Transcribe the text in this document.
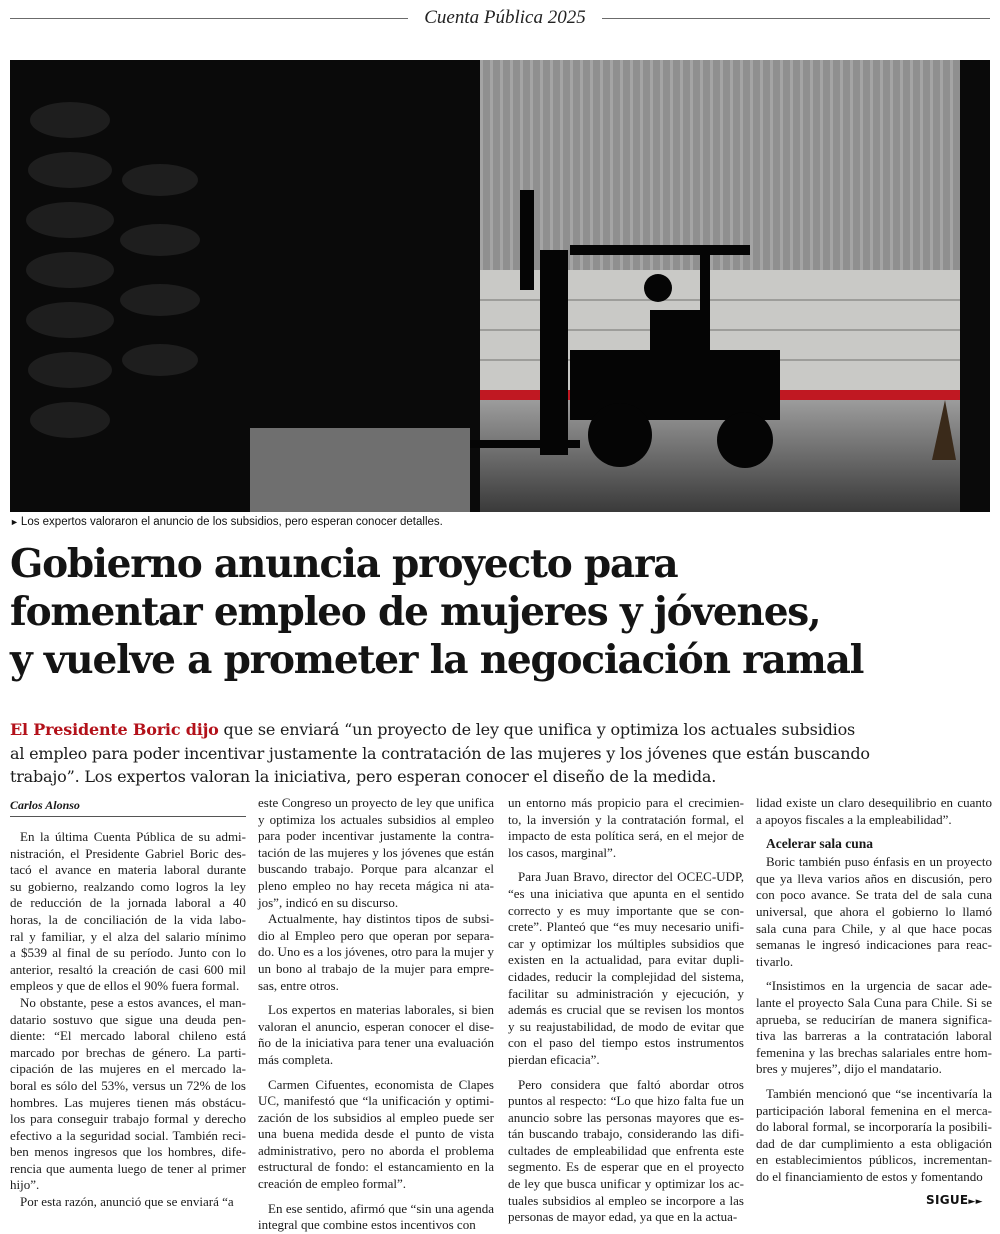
Cuenta Pública 2025
► Los expertos valoraron el anuncio de los subsidios, pero esperan conocer detalles.
Gobierno anuncia proyecto para
fomentar empleo de mujeres y jóvenes,
y vuelve a prometer la negociación ramal
El Presidente Boric dijo que se enviará “un proyecto de ley que unifica y optimiza los actuales subsidios
al empleo para poder incentivar justamente la contratación de las mujeres y los jóvenes que están buscando
trabajo”. Los expertos valoran la iniciativa, pero esperan conocer el diseño de la medida.
Carlos Alonso
En la última Cuenta Pública de su admi-
nistración, el Presidente Gabriel Boric des-
tacó el avance en materia laboral durante
su gobierno, realzando como logros la ley
de reducción de la jornada laboral a 40
horas, la de conciliación de la vida labo-
ral y familiar, y el alza del salario mínimo
a $539 al final de su período. Junto con lo
anterior, resaltó la creación de casi 600 mil
empleos y que de ellos el 90% fuera formal.
No obstante, pese a estos avances, el man-
datario sostuvo que sigue una deuda pen-
diente: “El mercado laboral chileno está
marcado por brechas de género. La parti-
cipación de las mujeres en el mercado la-
boral es sólo del 53%, versus un 72% de los
hombres. Las mujeres tienen más obstácu-
los para conseguir trabajo formal y derecho
efectivo a la seguridad social. También reci-
ben menos ingresos que los hombres, dife-
rencia que aumenta luego de tener al primer
hijo”.
Por esta razón, anunció que se enviará “a
este Congreso un proyecto de ley que unifica
y optimiza los actuales subsidios al empleo
para poder incentivar justamente la contra-
tación de las mujeres y los jóvenes que están
buscando trabajo. Porque para alcanzar el
pleno empleo no hay receta mágica ni ata-
jos”, indicó en su discurso.
Actualmente, hay distintos tipos de subsi-
dio al Empleo pero que operan por separa-
do. Uno es a los jóvenes, otro para la mujer y
un bono al trabajo de la mujer para empre-
sas, entre otros.
Los expertos en materias laborales, si bien
valoran el anuncio, esperan conocer el dise-
ño de la iniciativa para tener una evaluación
más completa.
Carmen Cifuentes, economista de Clapes
UC, manifestó que “la unificación y optimi-
zación de los subsidios al empleo puede ser
una buena medida desde el punto de vista
administrativo, pero no aborda el problema
estructural de fondo: el estancamiento en la
creación de empleo formal”.
En ese sentido, afirmó que “sin una agenda
integral que combine estos incentivos con
un entorno más propicio para el crecimien-
to, la inversión y la contratación formal, el
impacto de esta política será, en el mejor de
los casos, marginal”.
Para Juan Bravo, director del OCEC-UDP,
“es una iniciativa que apunta en el sentido
correcto y es muy importante que se con-
crete”. Planteó que “es muy necesario unifi-
car y optimizar los múltiples subsidios que
existen en la actualidad, para evitar dupli-
cidades, reducir la complejidad del sistema,
facilitar su administración y ejecución, y
además es crucial que se revisen los montos
y su reajustabilidad, de modo de evitar que
con el paso del tiempo estos instrumentos
pierdan eficacia”.
Pero considera que faltó abordar otros
puntos al respecto: “Lo que hizo falta fue un
anuncio sobre las personas mayores que es-
tán buscando trabajo, considerando las difi-
cultades de empleabilidad que enfrenta este
segmento. Es de esperar que en el proyecto
de ley que busca unificar y optimizar los ac-
tuales subsidios al empleo se incorpore a las
personas de mayor edad, ya que en la actua-
lidad existe un claro desequilibrio en cuanto
a apoyos fiscales a la empleabilidad”.
Acelerar sala cuna
Boric también puso énfasis en un proyecto
que ya lleva varios años en discusión, pero
con poco avance. Se trata del de sala cuna
universal, que ahora el gobierno lo llamó
sala cuna para Chile, y al que hace pocas
semanas le ingresó indicaciones para reac-
tivarlo.
“Insistimos en la urgencia de sacar ade-
lante el proyecto Sala Cuna para Chile. Si se
aprueba, se reducirían de manera significa-
tiva las barreras a la contratación laboral
femenina y las brechas salariales entre hom-
bres y mujeres”, dijo el mandatario.
También mencionó que “se incentivaría la
participación laboral femenina en el merca-
do laboral formal, se incorporaría la posibili-
dad de dar cumplimiento a esta obligación
en establecimientos públicos, incrementan-
do el financiamiento de estos y fomentando
SIGUE►►
